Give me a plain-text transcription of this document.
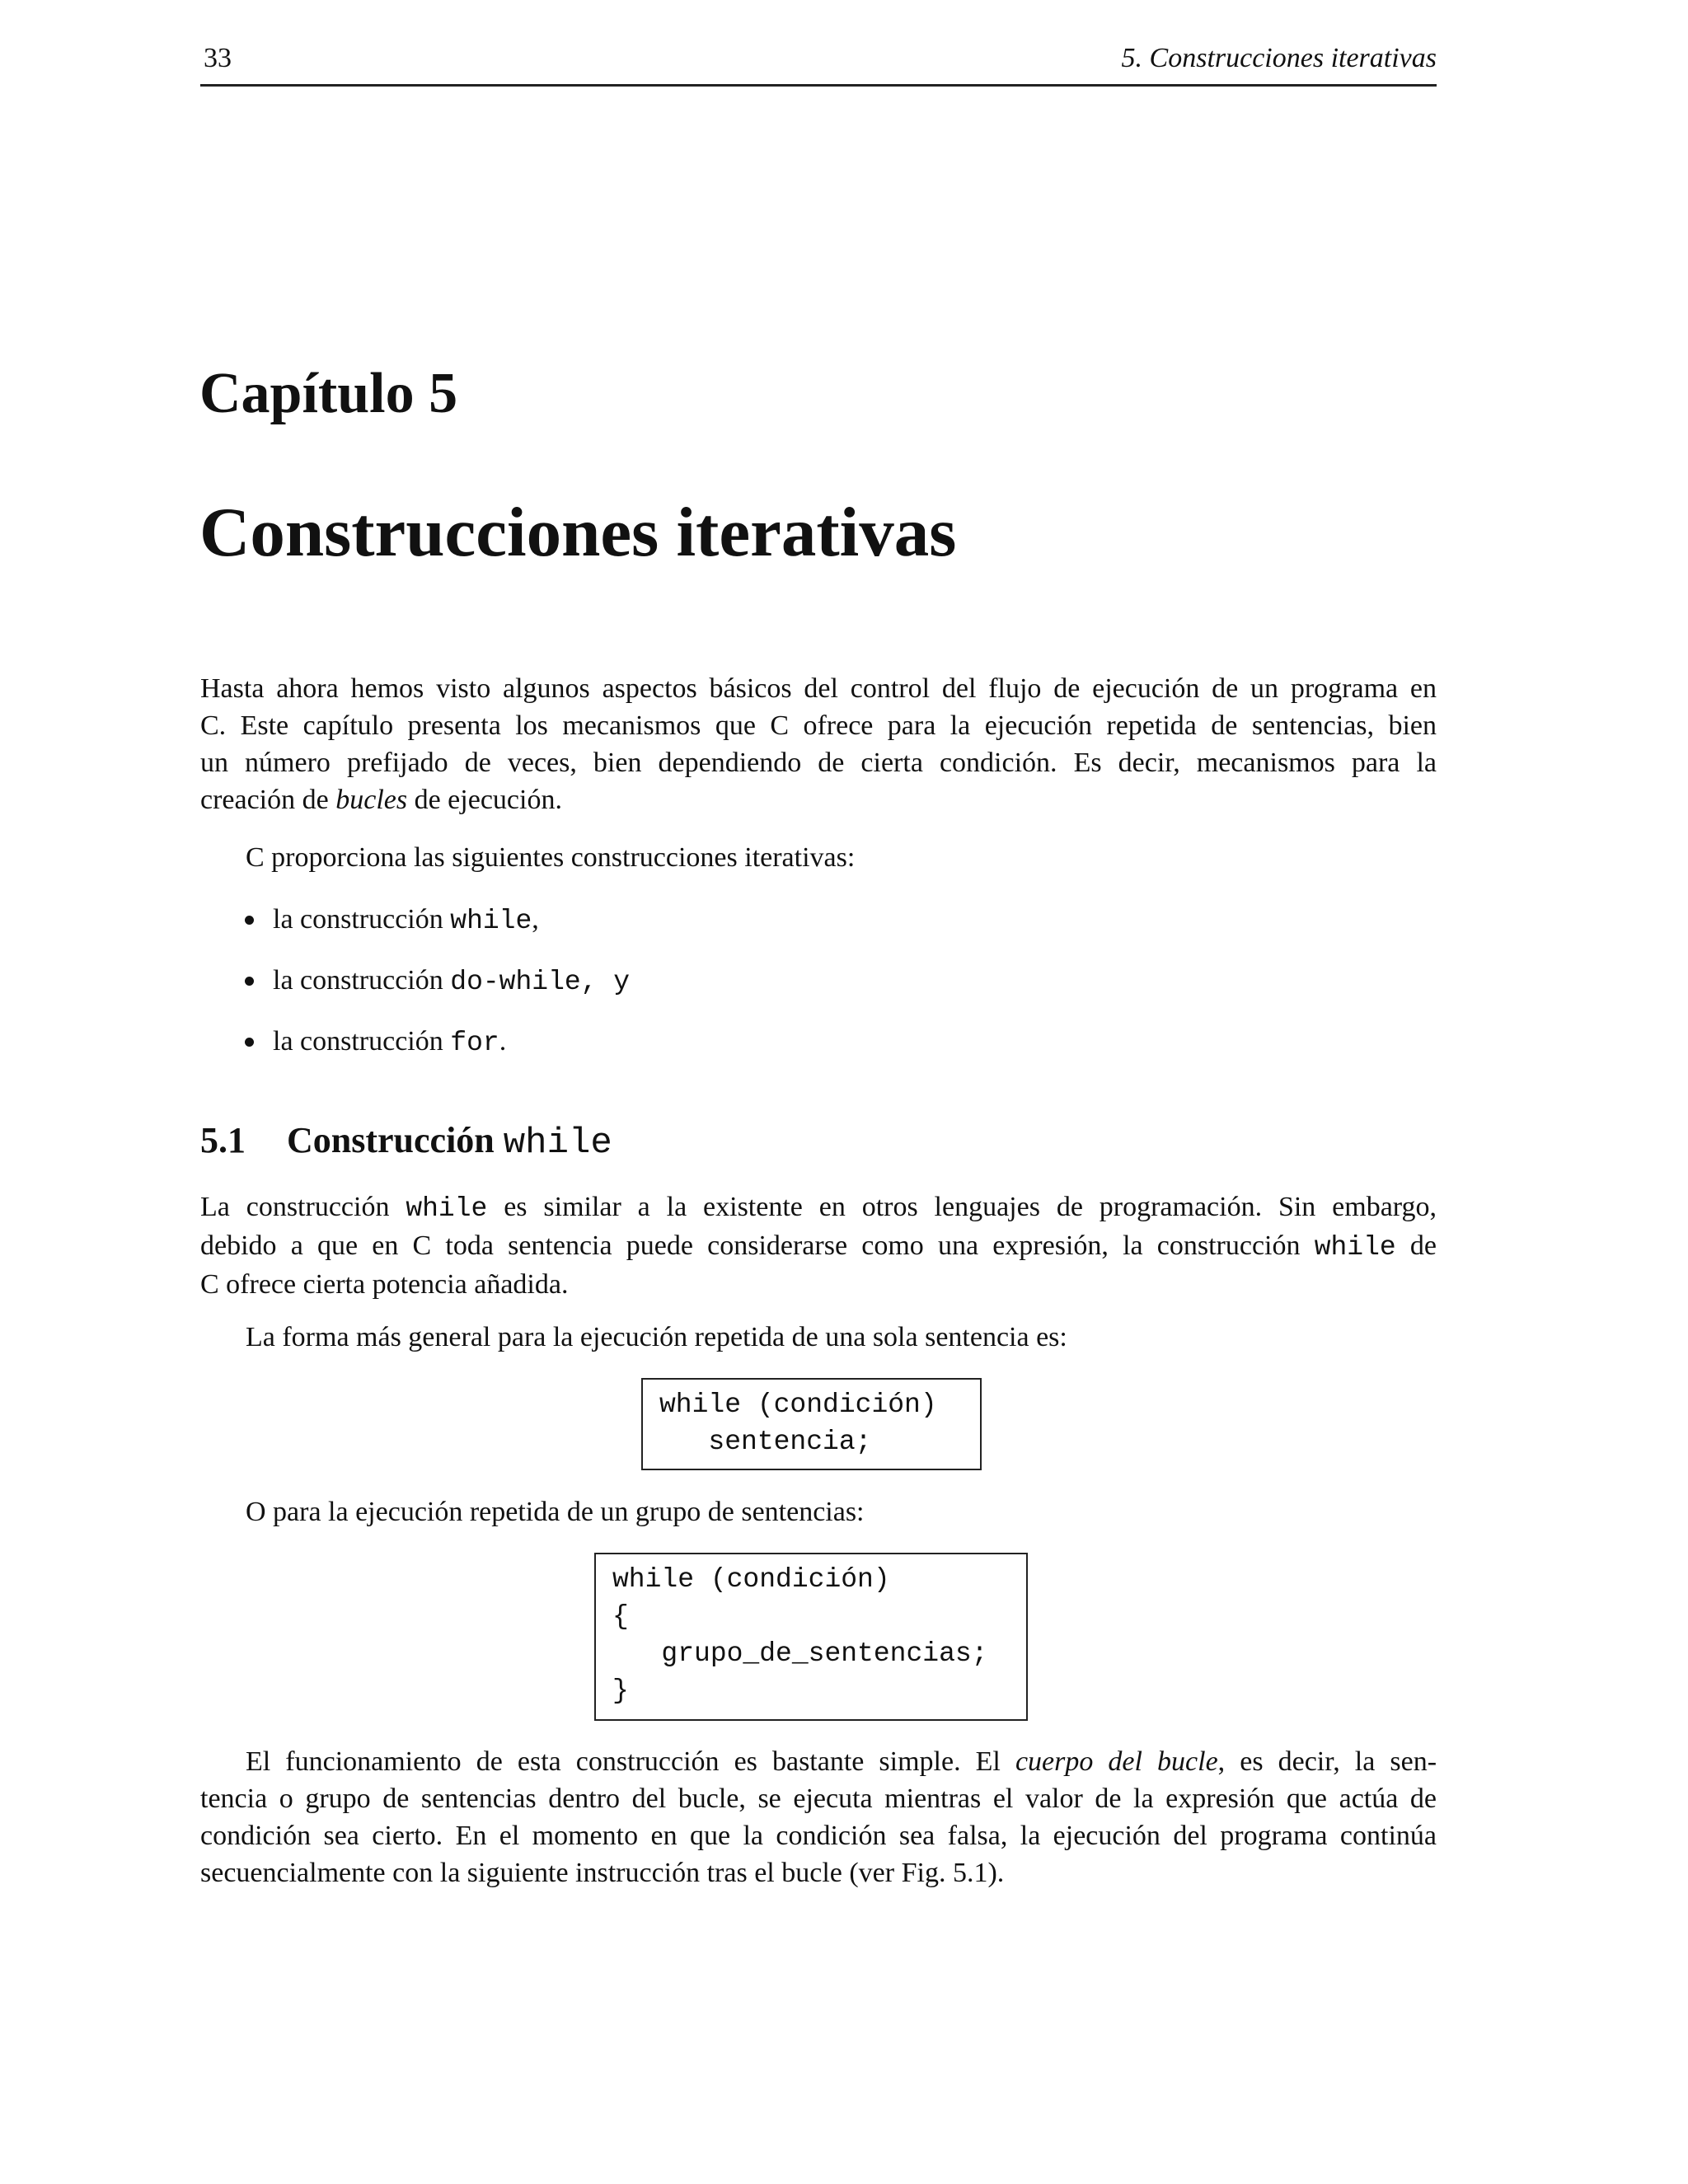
33	5. Construcciones iterativas
Capítulo 5
Construcciones iterativas
Hasta ahora hemos visto algunos aspectos básicos del control del flujo de ejecución de un programa en
C. Este capítulo presenta los mecanismos que C ofrece para la ejecución repetida de sentencias, bien
un número prefijado de veces, bien dependiendo de cierta condición. Es decir, mecanismos para la
creación de bucles de ejecución.
C proporciona las siguientes construcciones iterativas:
la construcción while,
la construcción do-while, y
la construcción for.
5.1 Construcción while
La construcción while es similar a la existente en otros lenguajes de programación. Sin embargo,
debido a que en C toda sentencia puede considerarse como una expresión, la construcción while de
C ofrece cierta potencia añadida.
La forma más general para la ejecución repetida de una sola sentencia es:
while (condición)
sentencia;
O para la ejecución repetida de un grupo de sentencias:
while (condición)
{
grupo_de_sentencias;
}
El funcionamiento de esta construcción es bastante simple. El cuerpo del bucle, es decir, la sen-
tencia o grupo de sentencias dentro del bucle, se ejecuta mientras el valor de la expresión que actúa de
condición sea cierto. En el momento en que la condición sea falsa, la ejecución del programa continúa
secuencialmente con la siguiente instrucción tras el bucle (ver Fig. 5.1).
